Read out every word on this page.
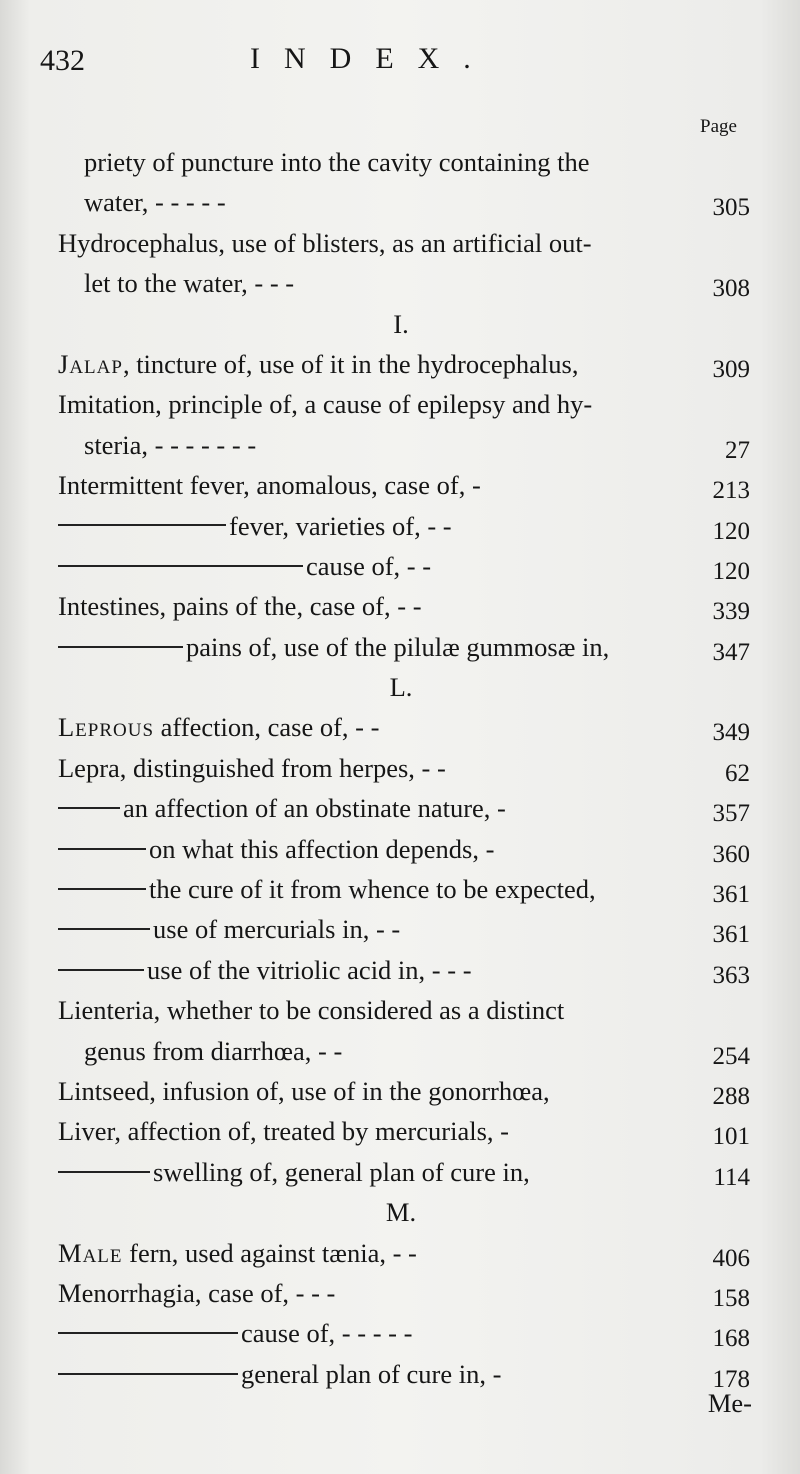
432	INDEX.
Page
priety of puncture into the cavity containing the
water, - - - - -	305
Hydrocephalus, use of blisters, as an artificial out-
let to the water, - - -	308
I.
Jalap, tincture of, use of it in the hydrocephalus,	309
Imitation, principle of, a cause of epilepsy and hy-
steria, - - - - - - -	27
Intermittent fever, anomalous, case of, -	213
fever, varieties of, - -	120
cause of, - -	120
Intestines, pains of the, case of, - -	339
pains of, use of the pilulæ gummosæ in,	347
L.
Leprous affection, case of, - -	349
Lepra, distinguished from herpes, - -	62
an affection of an obstinate nature, -	357
on what this affection depends, -	360
the cure of it from whence to be expected,	361
use of mercurials in, - -	361
use of the vitriolic acid in, - - -	363
Lienteria, whether to be considered as a distinct
genus from diarrhœa, - -	254
Lintseed, infusion of, use of in the gonorrhœa,	288
Liver, affection of, treated by mercurials, -	101
swelling of, general plan of cure in,	114
M.
Male fern, used against tænia, - -	406
Menorrhagia, case of, - - -	158
cause of, - - - - -	168
general plan of cure in, -	178
Me-
